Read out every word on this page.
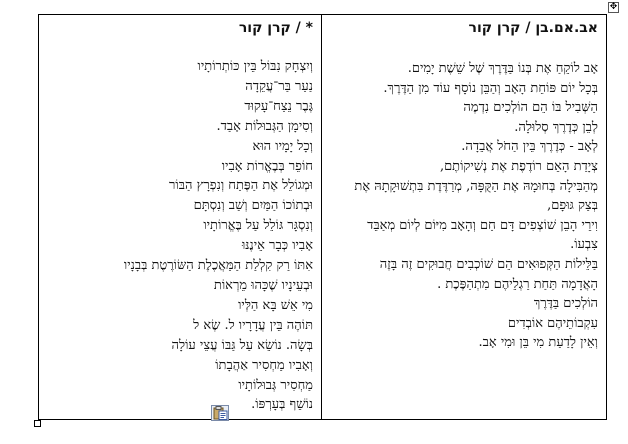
✥
אב.אם.בן / קרן קור
אָב לוֹקֵחַ אֶת בְּנוֹ בַּדֶּרֶךְ שֶׁל שֵׁשֶׁת יָמִים.
בְּכָל יוֹם פּוֹחֵת הָאָב וְהַבֵּן נוֹסָף עוֹד מִן הַדֶּרֶךְ.
הַשְּׁבִיל בּוֹ הֵם הוֹלְכִים נִדְמֶה
לְבֵן כְּדֶרֶךְ סְלוּלָה.
לְאָב - כְּדֶרֶךְ בֵּין הַחֹל אֲבֵדָה.
צְיָדַת הָאֵם רוֹדֶפֶת אֶת נְשִׁיקוֹתֶם,
מְהַבִּילָה בְּחוּמָהּ אֶת הַקֻּפָּה, מְרַדֶּדֶת בִּתְשׁוּקָתָהּ אֶת
בְּצַק גּוּפָם,
וִירֵי הָבֵן שׁוֹצְפִים דָּם חַם וְהָאָב מִיּוֹם לְיוֹם מְאַבֵּד
צִבְעוֹ.
בַּלֵּילוֹת הַקְּפוּאִים הֵם שׁוֹכְבִים חֲבוּקִים זֶה בָּזֶה
הָאֲדָמָה תַּחַת רַגְלֵיהֶם מִתְהַפֶּכֶת .
הוֹלְכִים בַּדֶּרֶךְ
עִקְבוֹתֵיהֶם אוֹבְדִים
וְאֵין לָדַעַת מִי בֵּן וּמִי אָב.
* / קרן קור
וְיִצְחָק נִבּוֹל בֵּין כּוֹתְרוֹתָיו
נַעַר בַּר־עֲקֵדָה
גֶּבֶר נֵצַח־עָקוּד
וְסִימָן הַגְּבוּלוֹת אָבַד.
וְכָל יָמָיו הוּא
חוֹפֵר בְּבֶאֱרוֹת אָבִיו
וּמְגוֹלֵל אֶת הַפֶּתַח וְנִפְרָץ הַבּוֹר
וּבְתוֹכוֹ הַמַּיִם וְשַׁב וְנִסְתָּם
וְנִסְגָּר גּוֹלֵל עַל בֶּאֱרוֹתָיו
אָבִיו כְּבָר אֵינֶנּוּ
אִתּוֹ רַק קִלְלַת הַמַּאֲכֶלֶת הַשּׂוֹרֶטֶת בְּבָנָיו
וּבְעֵינָיו שֶׁכָּהוּ מֵרְאוֹת
מִי אֵשׁ בָּא הַלְּיו
תּוֹהֶה בֵּין עֲדָרָיו ל. שֶׂא ל
בְּשָׂה. נוֹשֵׂא עַל גַּבּוֹ עֲצֵי עוֹלָה
וְאָבִיו מַחְסִיר אַהֲבָתוֹ
מַחְסִיר גְּבוּלוֹתָיו
נוֹשֵׁף בְּעָרְפּוֹ.
